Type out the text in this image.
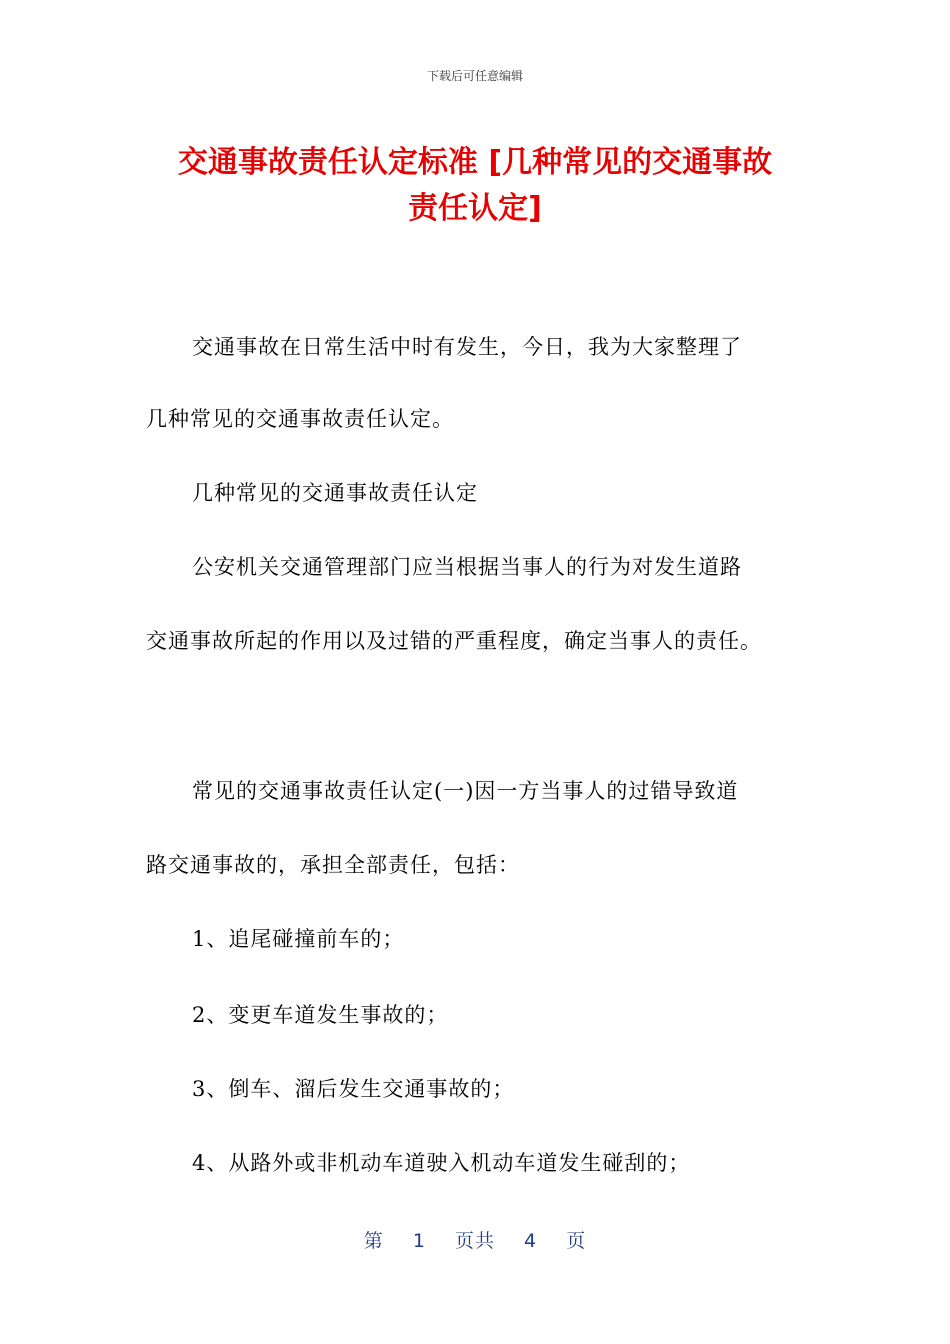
下载后可任意编辑
交通事故责任认定标准 [几种常见的交通事故
责任认定]

交通事故在日常生活中时有发生，今日，我为大家整理了

几种常见的交通事故责任认定。

几种常见的交通事故责任认定

公安机关交通管理部门应当根据当事人的行为对发生道路

交通事故所起的作用以及过错的严重程度，确定当事人的责任。

常见的交通事故责任认定(一)因一方当事人的过错导致道

路交通事故的，承担全部责任，包括：

1、追尾碰撞前车的；

2、变更车道发生事故的；

3、倒车、溜后发生交通事故的；

4、从路外或非机动车道驶入机动车道发生碰刮的；

第 1 页共 4 页
